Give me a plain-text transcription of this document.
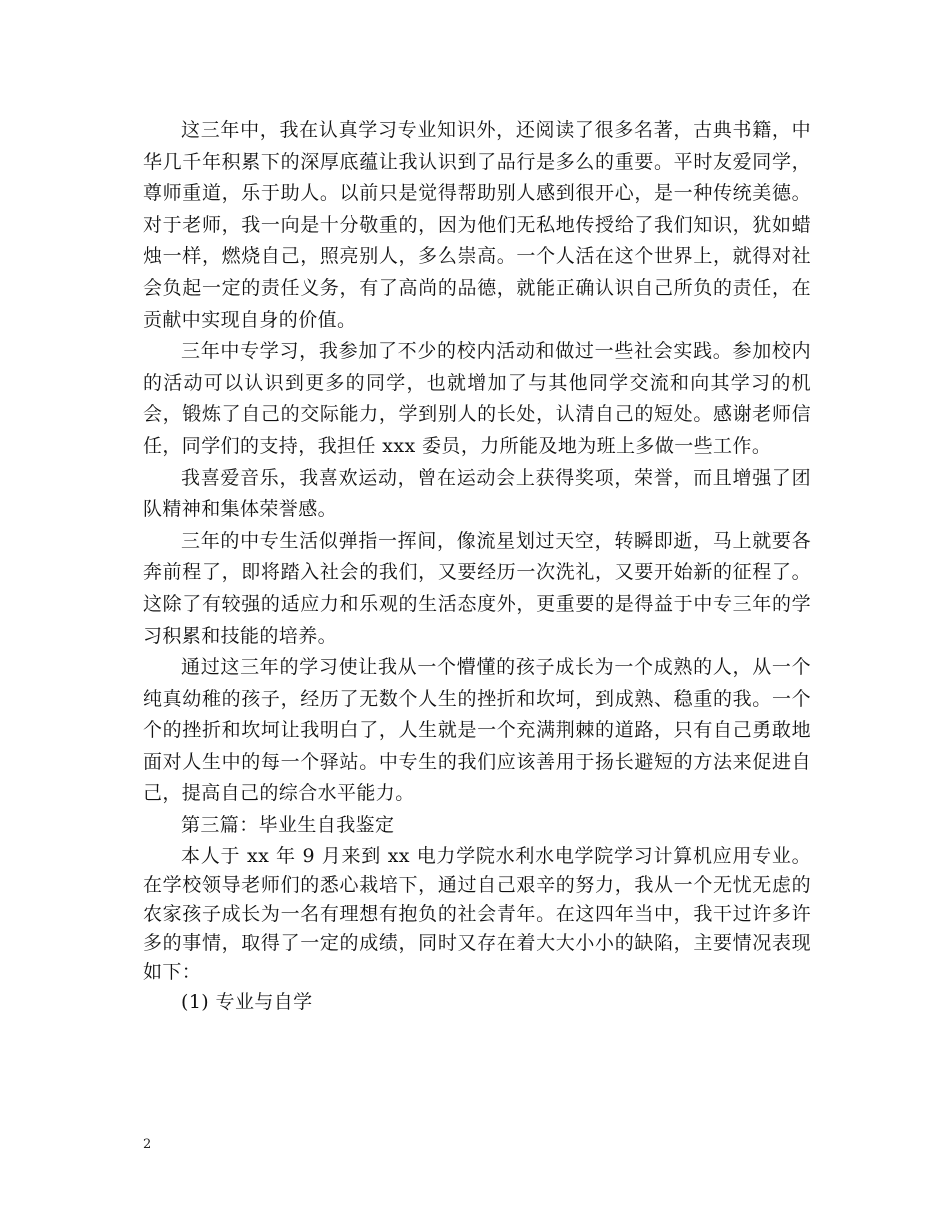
这三年中，我在认真学习专业知识外，还阅读了很多名著，古典书籍，中华几千年积累下的深厚底蕴让我认识到了品行是多么的重要。平时友爱同学，尊师重道，乐于助人。以前只是觉得帮助别人感到很开心，是一种传统美德。对于老师，我一向是十分敬重的，因为他们无私地传授给了我们知识，犹如蜡烛一样，燃烧自己，照亮别人，多么崇高。一个人活在这个世界上，就得对社会负起一定的责任义务，有了高尚的品德，就能正确认识自己所负的责任，在贡献中实现自身的价值。

三年中专学习，我参加了不少的校内活动和做过一些社会实践。参加校内的活动可以认识到更多的同学，也就增加了与其他同学交流和向其学习的机会，锻炼了自己的交际能力，学到别人的长处，认清自己的短处。感谢老师信任，同学们的支持，我担任 xxx 委员，力所能及地为班上多做一些工作。

我喜爱音乐，我喜欢运动，曾在运动会上获得奖项，荣誉，而且增强了团队精神和集体荣誉感。

三年的中专生活似弹指一挥间，像流星划过天空，转瞬即逝，马上就要各奔前程了，即将踏入社会的我们，又要经历一次洗礼，又要开始新的征程了。这除了有较强的适应力和乐观的生活态度外，更重要的是得益于中专三年的学习积累和技能的培养。

通过这三年的学习使让我从一个懵懂的孩子成长为一个成熟的人，从一个纯真幼稚的孩子，经历了无数个人生的挫折和坎坷，到成熟、稳重的我。一个个的挫折和坎坷让我明白了，人生就是一个充满荆棘的道路，只有自己勇敢地面对人生中的每一个驿站。中专生的我们应该善用于扬长避短的方法来促进自己，提高自己的综合水平能力。

第三篇：毕业生自我鉴定

本人于 xx 年 9 月来到 xx 电力学院水利水电学院学习计算机应用专业。在学校领导老师们的悉心栽培下，通过自己艰辛的努力，我从一个无忧无虑的农家孩子成长为一名有理想有抱负的社会青年。在这四年当中，我干过许多许多的事情，取得了一定的成绩，同时又存在着大大小小的缺陷，主要情况表现如下：

(1) 专业与自学

2
